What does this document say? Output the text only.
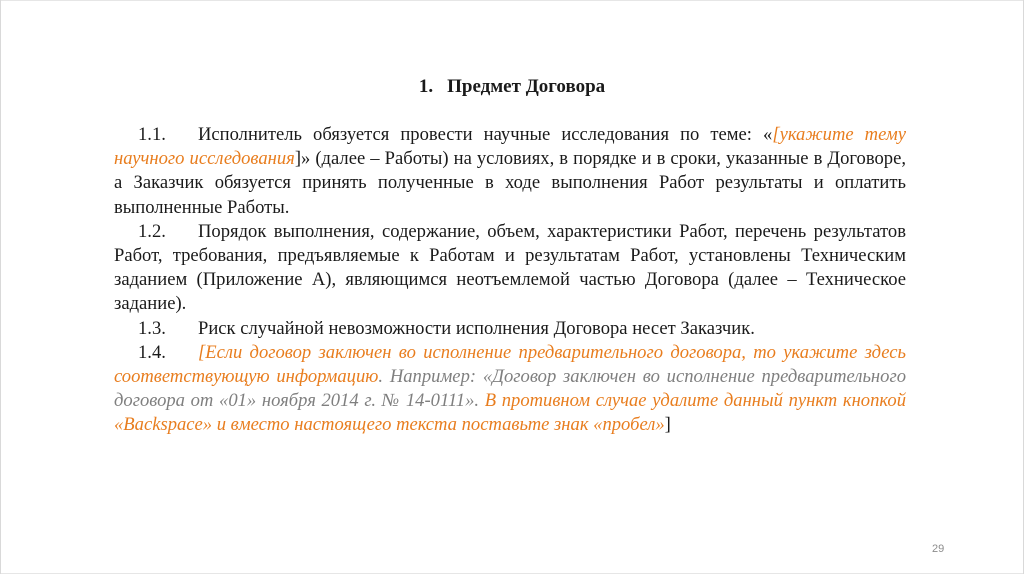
1. Предмет Договора

1.1. Исполнитель обязуется провести научные исследования по теме: «[укажите тему научного исследования]» (далее – Работы) на условиях, в порядке и в сроки, указанные в Договоре, а Заказчик обязуется принять полученные в ходе выполнения Работ результаты и оплатить выполненные Работы.

1.2. Порядок выполнения, содержание, объем, характеристики Работ, перечень результатов Работ, требования, предъявляемые к Работам и результатам Работ, установлены Техническим заданием (Приложение А), являющимся неотъемлемой частью Договора (далее – Техническое задание).

1.3. Риск случайной невозможности исполнения Договора несет Заказчик.

1.4. [Если договор заключен во исполнение предварительного договора, то укажите здесь соответствующую информацию. Например: «Договор заключен во исполнение предварительного договора от «01» ноября 2014 г. № 14-0111». В противном случае удалите данный пункт кнопкой «Backspace» и вместо настоящего текста поставьте знак «пробел»]

29
